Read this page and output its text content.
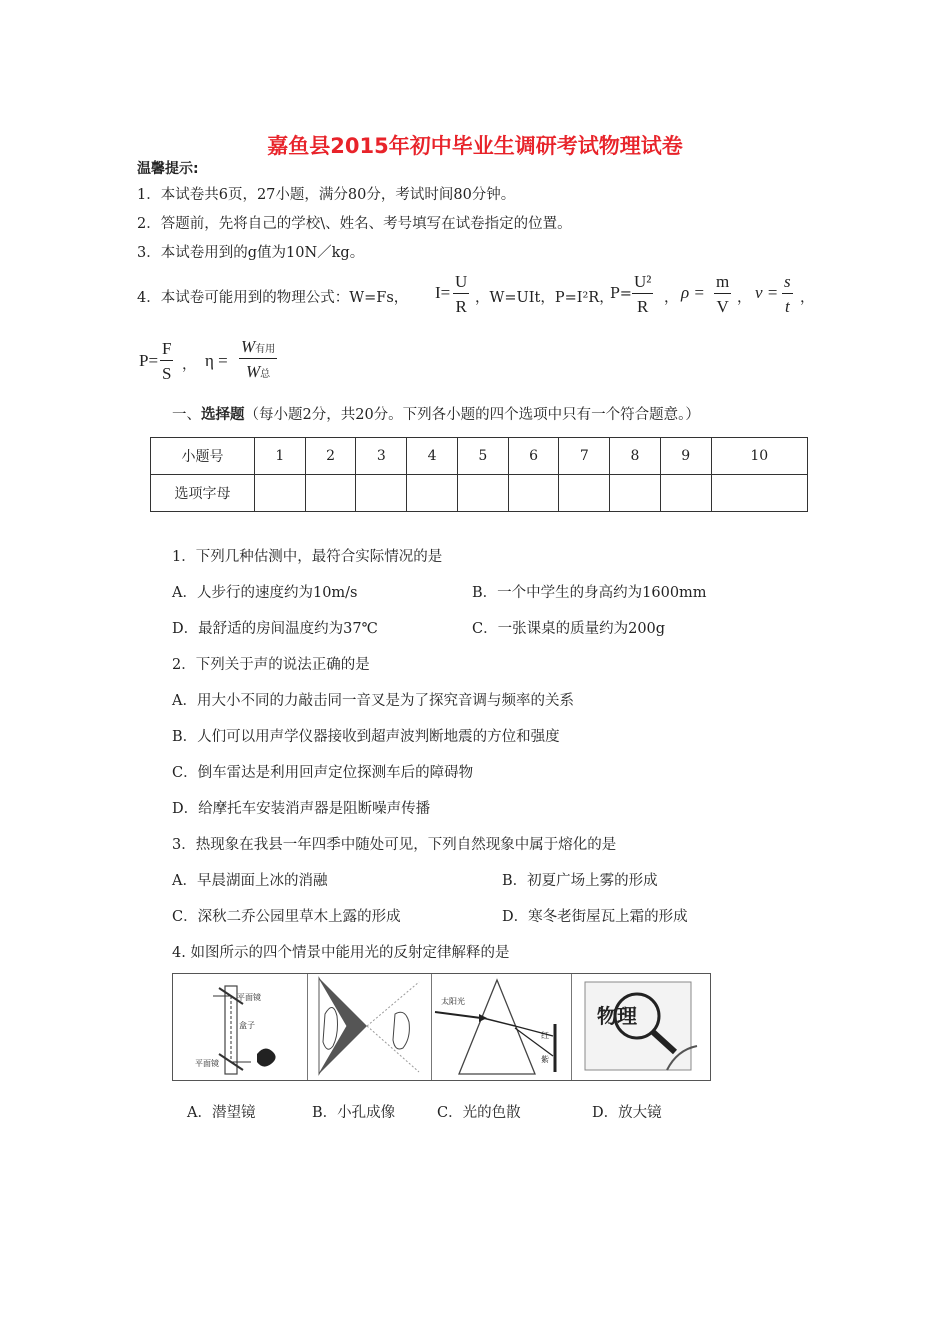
嘉鱼县2015年初中毕业生调研考试物理试卷
温馨提示:
1．本试卷共6页，27小题，满分80分，考试时间80分钟。
2．答题前，先将自己的学校\、姓名、考号填写在试卷指定的位置。
3．本试卷用到的g值为10N／kg。
4．本试卷可能用到的物理公式：W=Fs， I=
U
R ，W=UIt，P=I²R，
P=
U²
R ， ρ =
m
V ， v =
s
t ，
P=
F
S ， η =
W有用
W总
一、选择题（每小题2分，共20分。下列各小题的四个选项中只有一个符合题意。）
小题号	1	2	3	4	5	6	7	8	9	10
选项字母										
1．下列几种估测中，最符合实际情况的是
A．人步行的速度约为10m/s	B．一个中学生的身高约为1600mm
D．最舒适的房间温度约为37℃	C．一张课桌的质量约为200g
2．下列关于声的说法正确的是
A．用大小不同的力敲击同一音叉是为了探究音调与频率的关系
B．人们可以用声学仪器接收到超声波判断地震的方位和强度
C．倒车雷达是利用回声定位探测车后的障碍物
D．给摩托车安装消声器是阻断噪声传播
3．热现象在我县一年四季中随处可见，下列自然现象中属于熔化的是
A．早晨湖面上冰的消融	B．初夏广场上雾的形成
C．深秋二乔公园里草木上露的形成	D．寒冬老街屋瓦上霜的形成
4. 如图所示的四个情景中能用光的反射定律解释的是
平面镜
盒子
平面镜
太阳光
红
紫
物理
A．潜望镜	B．小孔成像	C．光的色散	D．放大镜
